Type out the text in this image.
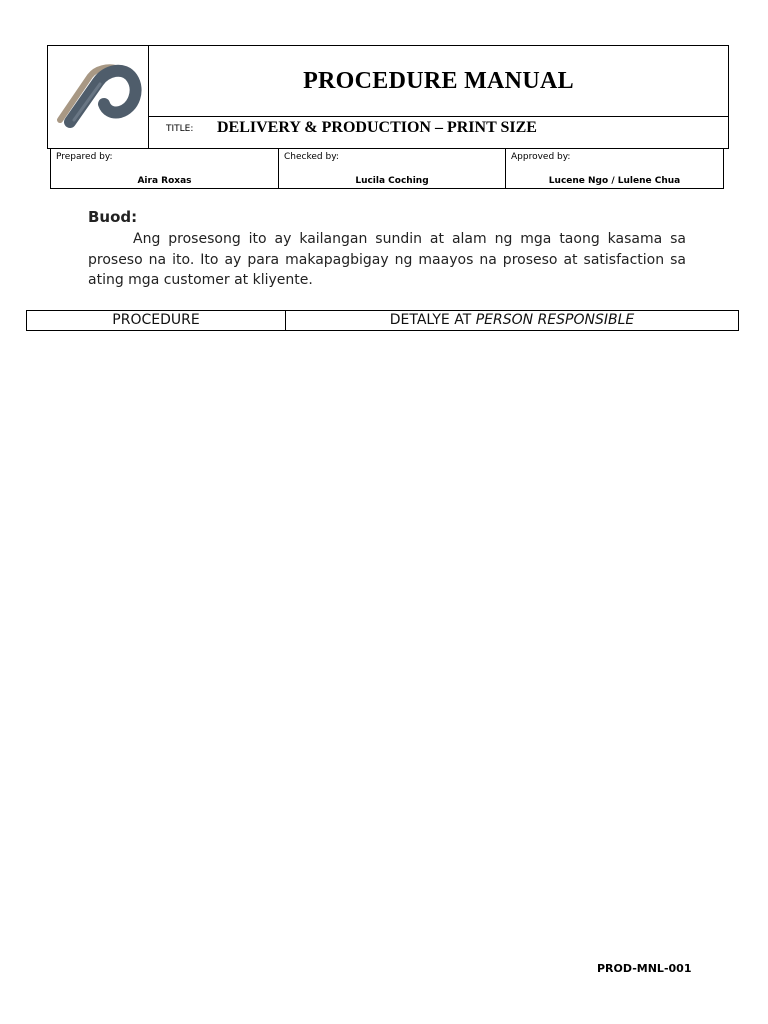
PROCEDURE MANUAL
TITLE: DELIVERY & PRODUCTION – PRINT SIZE
Prepared by:
Aira Roxas
Checked by:
Lucila Coching
Approved by:
Lucene Ngo / Lulene Chua
Buod:

Ang prosesong ito ay kailangan sundin at alam ng mga taong kasama sa proseso na ito. Ito ay para makapagbigay ng maayos na proseso at satisfaction sa ating mga customer at kliyente.

PROCEDURE	DETALYE AT PERSON RESPONSIBLE
PROD-MNL-001
